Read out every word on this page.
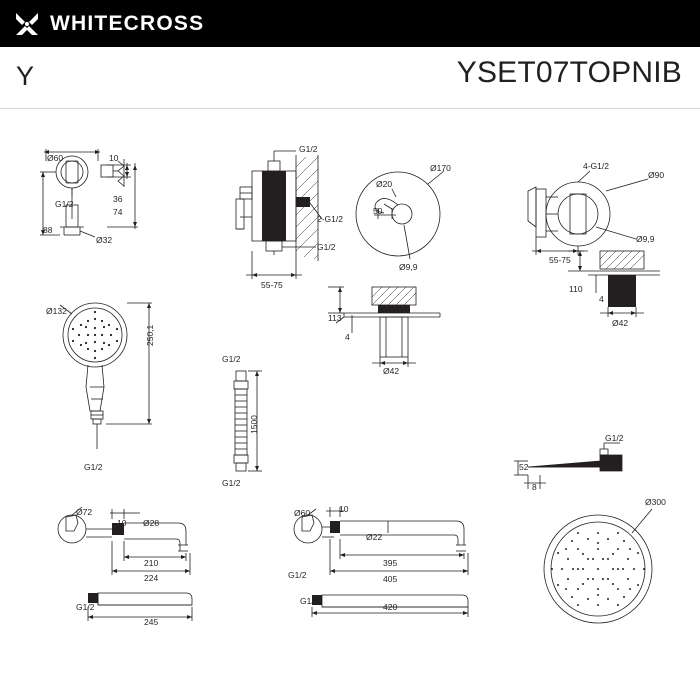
WHITECROSS
Y	YSET07TOPNIB
Ø60	10
G1/2	36
74
88
Ø32
Ø132
250,1
G1/2
Ø72
10 Ø28
210
224
G1/2
245
G1/2
2-G1/2
G1/2
55-75
Ø170
Ø20
50
Ø9,9
113
4
Ø42
G1/2
1500
G1/2
Ø60	10
Ø22
395
G1/2	405
G1/2
420
4-G1/2
Ø90
Ø9,9
55-75
110
4
Ø42
G1/2
52
8
Ø300
